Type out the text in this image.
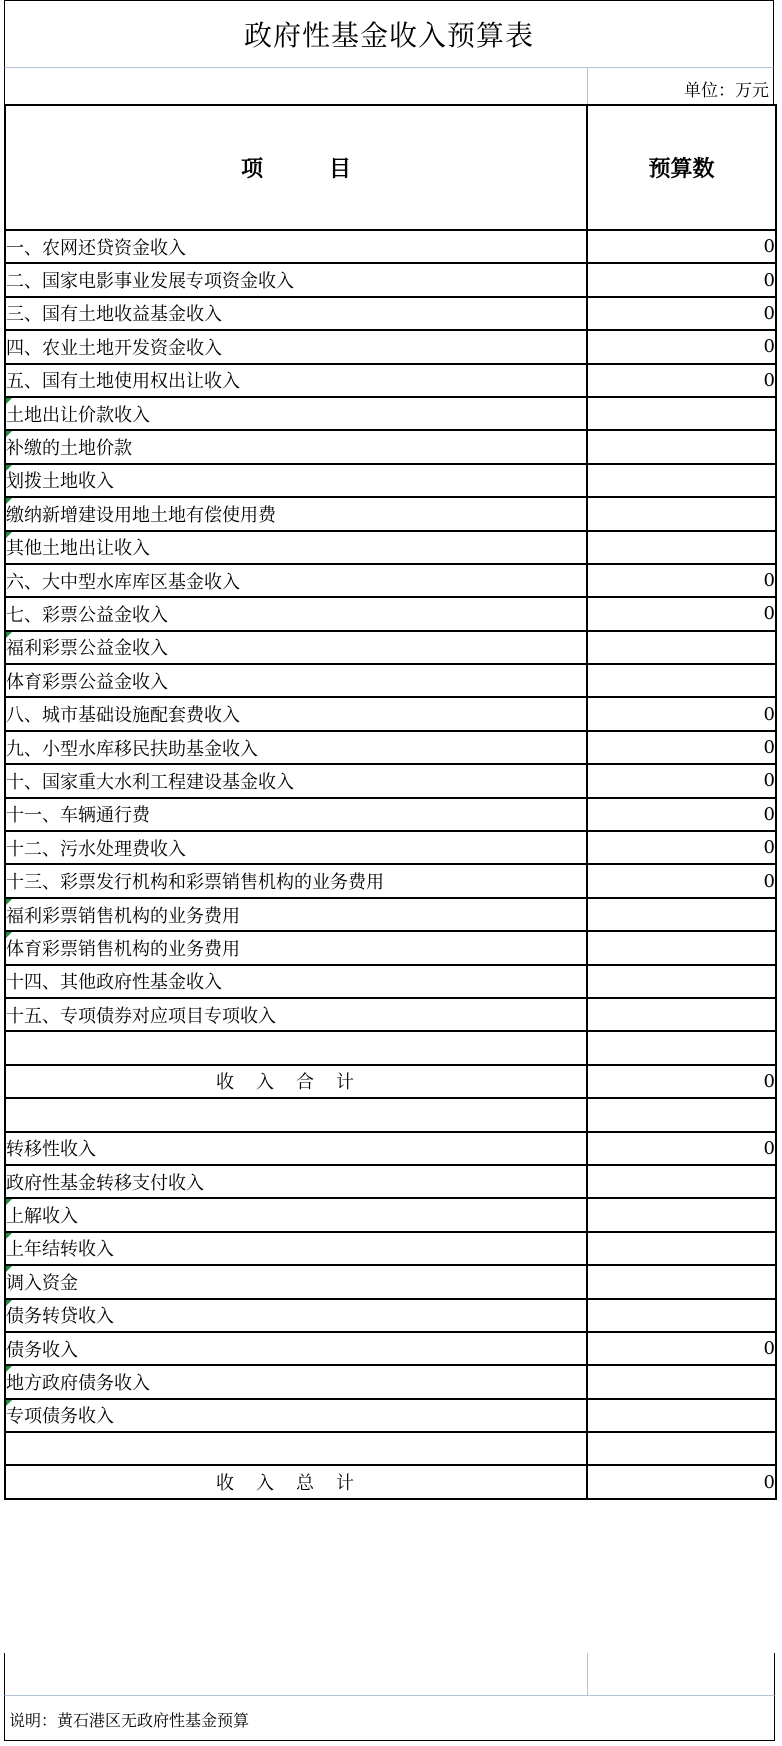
政府性基金收入预算表
单位：万元
项　　　目	预算数
一、农网还贷资金收入	0
二、国家电影事业发展专项资金收入	0
三、国有土地收益基金收入	0
四、农业土地开发资金收入	0
五、国有土地使用权出让收入	0
土地出让价款收入	
补缴的土地价款	
划拨土地收入	
缴纳新增建设用地土地有偿使用费	
其他土地出让收入	
六、大中型水库库区基金收入	0
七、彩票公益金收入	0
福利彩票公益金收入	
体育彩票公益金收入	
八、城市基础设施配套费收入	0
九、小型水库移民扶助基金收入	0
十、国家重大水利工程建设基金收入	0
十一、车辆通行费	0
十二、污水处理费收入	0
十三、彩票发行机构和彩票销售机构的业务费用	0
福利彩票销售机构的业务费用	
体育彩票销售机构的业务费用	
十四、其他政府性基金收入	
十五、专项债券对应项目专项收入	

收入合计	0

转移性收入	0
政府性基金转移支付收入	
上解收入	
上年结转收入	
调入资金	
债务转贷收入	
债务收入	0
地方政府债务收入	
专项债务收入	

收入总计	0
说明：黄石港区无政府性基金预算
